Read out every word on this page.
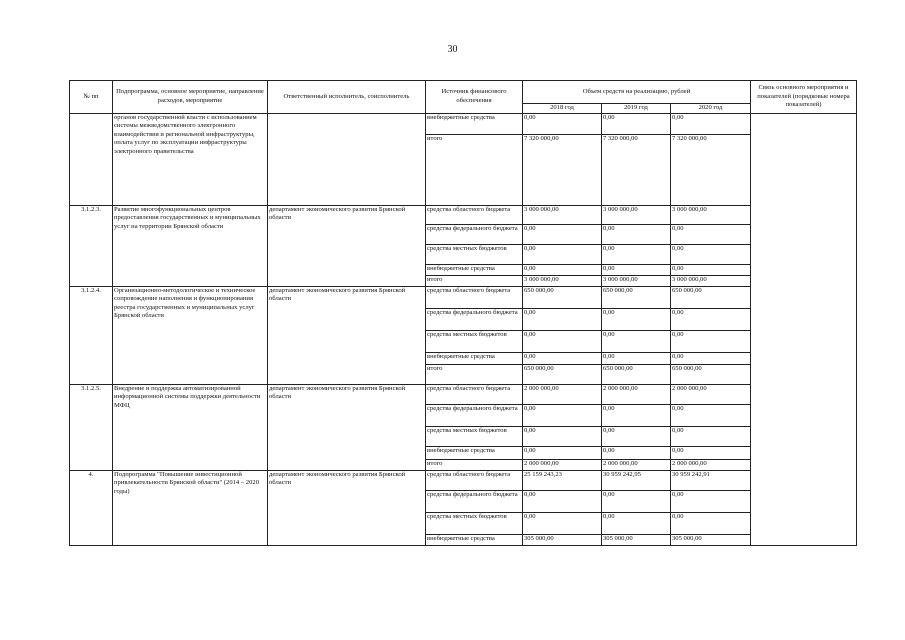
30
№ пп	Подпрограмма, основное мероприятие, направление расходов, мероприятие	Ответственный исполнитель, соисполнитель	Источник финансового обеспечения	Объем средств на реализацию, рублей			Связь основного мероприятия и показателей (порядковые номера показателей)
				2018 год	2019 год	2020 год	
	органов государственной власти с использованием системы межведомственного электронного взаимодействия и региональной инфраструктуры, оплата услуг по эксплуатации инфраструктуры электронного правительства		внебюджетные средства	0,00	0,00	0,00	
			итого	7 320 000,00	7 320 000,00	7 320 000,00	
3.1.2.3.	Развитие многофункциональных центров предоставления государственных и муниципальных услуг на территории Брянской области	департамент экономического развития Брянской области	средства областного бюджета	3 000 000,00	3 000 000,00	3 000 000,00	
			средства федерального бюджета	0,00	0,00	0,00	
			средства местных бюджетов	0,00	0,00	0,00	
			внебюджетные средства	0,00	0,00	0,00	
			итого	3 000 000,00	3 000 000,00	3 000 000,00	
3.1.2.4.	Организационно-методологическое и техническое сопровождение наполнения и функционирования реестра государственных и муниципальных услуг Брянской области	департамент экономического развития Брянской области	средства областного бюджета	650 000,00	650 000,00	650 000,00	
			средства федерального бюджета	0,00	0,00	0,00	
			средства местных бюджетов	0,00	0,00	0,00	
			внебюджетные средства	0,00	0,00	0,00	
			итого	650 000,00	650 000,00	650 000,00	
3.1.2.5.	Внедрение и поддержка автоматизированной информационной системы поддержки деятельности МФЦ	департамент экономического развития Брянской области	средства областного бюджета	2 000 000,00	2 000 000,00	2 000 000,00	
			средства федерального бюджета	0,00	0,00	0,00	
			средства местных бюджетов	0,00	0,00	0,00	
			внебюджетные средства	0,00	0,00	0,00	
			итого	2 000 000,00	2 000 000,00	2 000 000,00	
4.	Подпрограмма "Повышение инвестиционной привлекательности Брянской области" (2014 – 2020 годы)	департамент экономического развития Брянской области	средства областного бюджета	25 159 243,23	30 959 242,95	30 959 242,91	
			средства федерального бюджета	0,00	0,00	0,00	
			средства местных бюджетов	0,00	0,00	0,00	
			внебюджетные средства	305 000,00	305 000,00	305 000,00	
